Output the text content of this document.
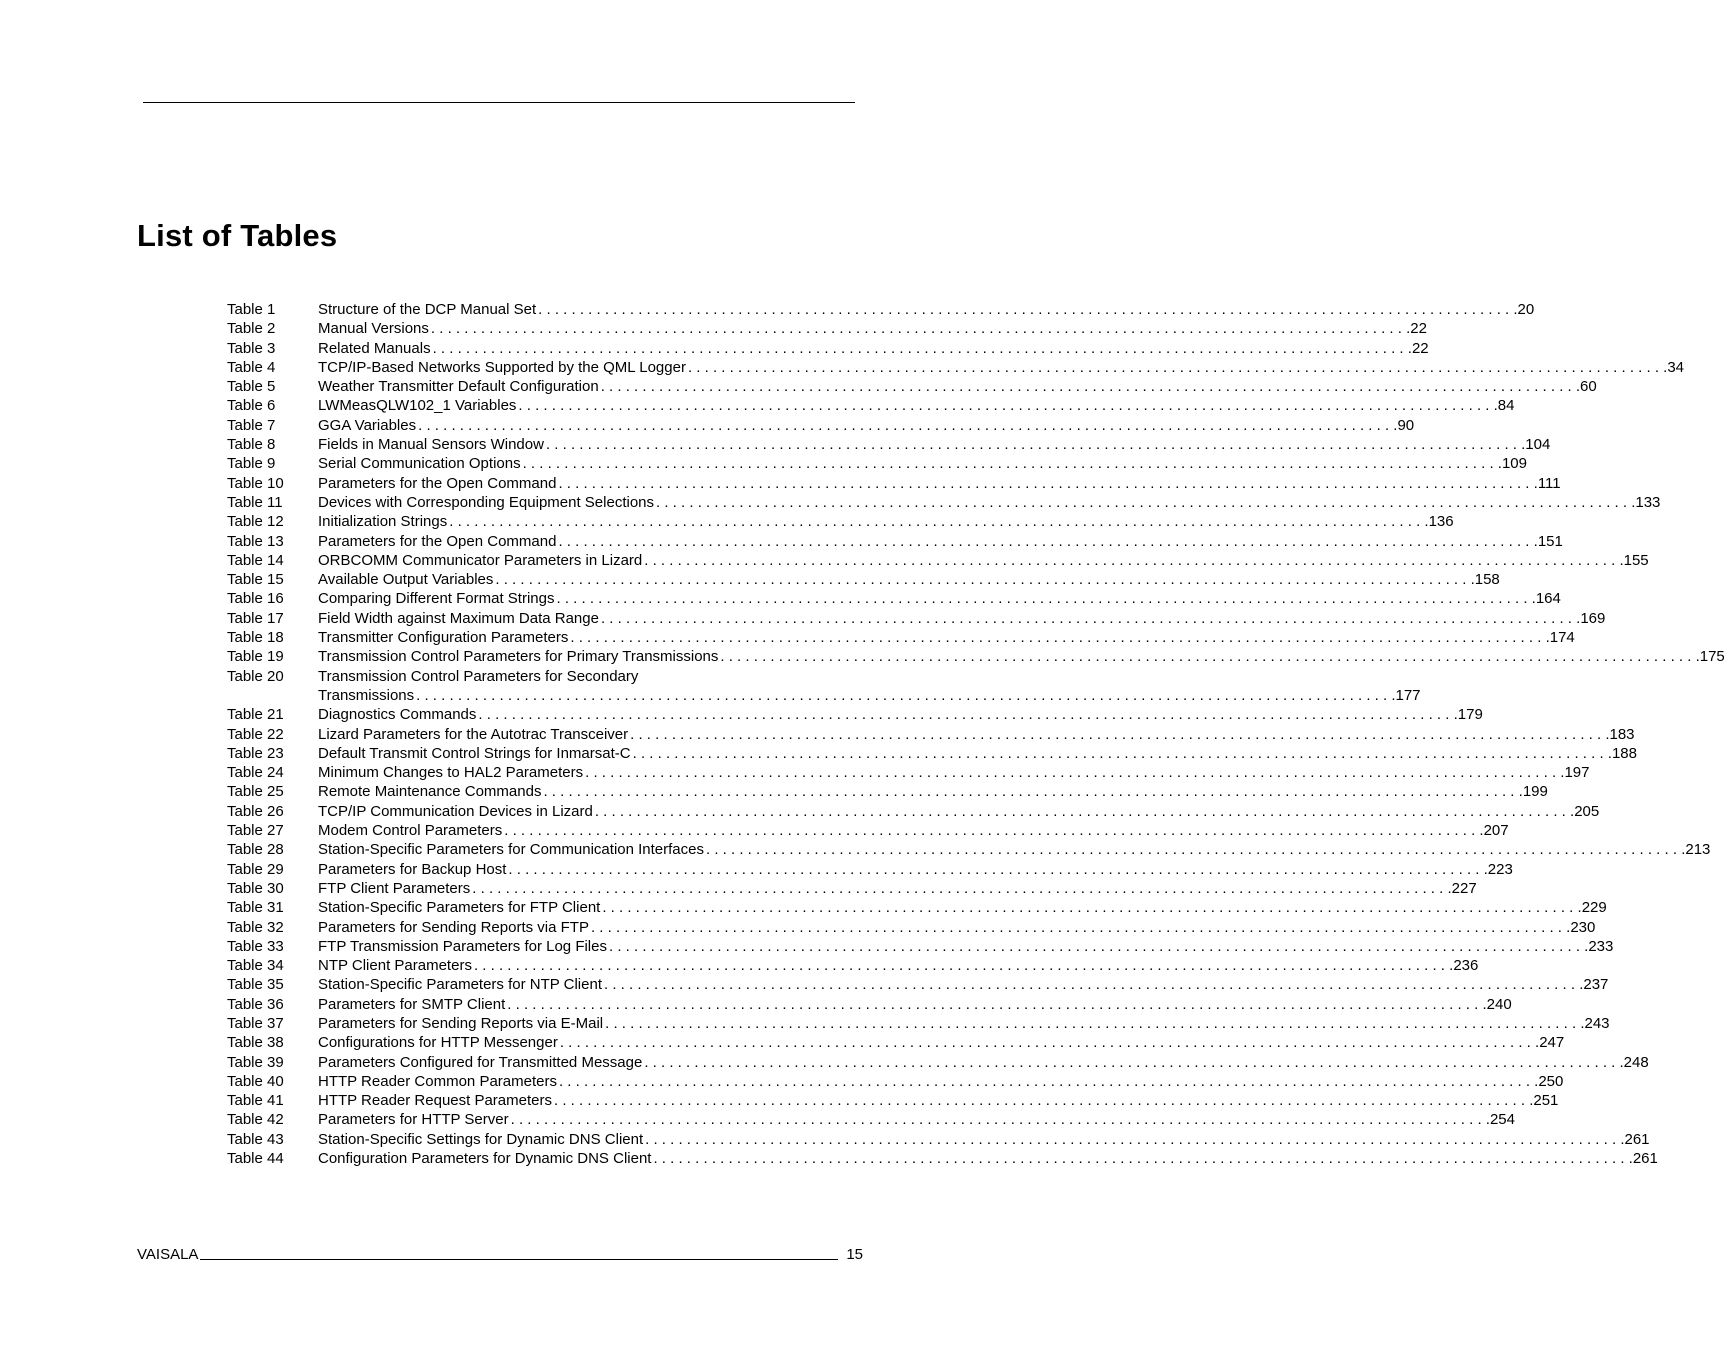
List of Tables
Table 1	Structure of the DCP Manual Set . . .	20
Table 2	Manual Versions . . .	22
Table 3	Related Manuals . . .	22
Table 4	TCP/IP-Based Networks Supported by the QML Logger . . .	34
Table 5	Weather Transmitter Default Configuration . . .	60
Table 6	LWMeasQLW102_1 Variables . . .	84
Table 7	GGA Variables . . .	90
Table 8	Fields in Manual Sensors Window . . .	104
Table 9	Serial Communication Options . . .	109
Table 10	Parameters for the Open Command . . .	111
Table 11	Devices with Corresponding Equipment Selections . . .	133
Table 12	Initialization Strings . . .	136
Table 13	Parameters for the Open Command . . .	151
Table 14	ORBCOMM Communicator Parameters in Lizard . . .	155
Table 15	Available Output Variables . . .	158
Table 16	Comparing Different Format Strings . . .	164
Table 17	Field Width against Maximum Data Range . . .	169
Table 18	Transmitter Configuration Parameters . . .	174
Table 19	Transmission Control Parameters for Primary Transmissions . . .	175
Table 20	Transmission Control Parameters for Secondary
Transmissions . . .	177
Table 21	Diagnostics Commands . . .	179
Table 22	Lizard Parameters for the Autotrac Transceiver . . .	183
Table 23	Default Transmit Control Strings for Inmarsat-C . . .	188
Table 24	Minimum Changes to HAL2 Parameters . . .	197
Table 25	Remote Maintenance Commands . . .	199
Table 26	TCP/IP Communication Devices in Lizard . . .	205
Table 27	Modem Control Parameters . . .	207
Table 28	Station-Specific Parameters for Communication Interfaces . . .	213
Table 29	Parameters for Backup Host . . .	223
Table 30	FTP Client Parameters . . .	227
Table 31	Station-Specific Parameters for FTP Client . . .	229
Table 32	Parameters for Sending Reports via FTP . . .	230
Table 33	FTP Transmission Parameters for Log Files . . .	233
Table 34	NTP Client Parameters . . .	236
Table 35	Station-Specific Parameters for NTP Client . . .	237
Table 36	Parameters for SMTP Client . . .	240
Table 37	Parameters for Sending Reports via E-Mail . . .	243
Table 38	Configurations for HTTP Messenger . . .	247
Table 39	Parameters Configured for Transmitted Message . . .	248
Table 40	HTTP Reader Common Parameters . . .	250
Table 41	HTTP Reader Request Parameters . . .	251
Table 42	Parameters for HTTP Server . . .	254
Table 43	Station-Specific Settings for Dynamic DNS Client . . .	261
Table 44	Configuration Parameters for Dynamic DNS Client . . .	261
VAISALA	15
